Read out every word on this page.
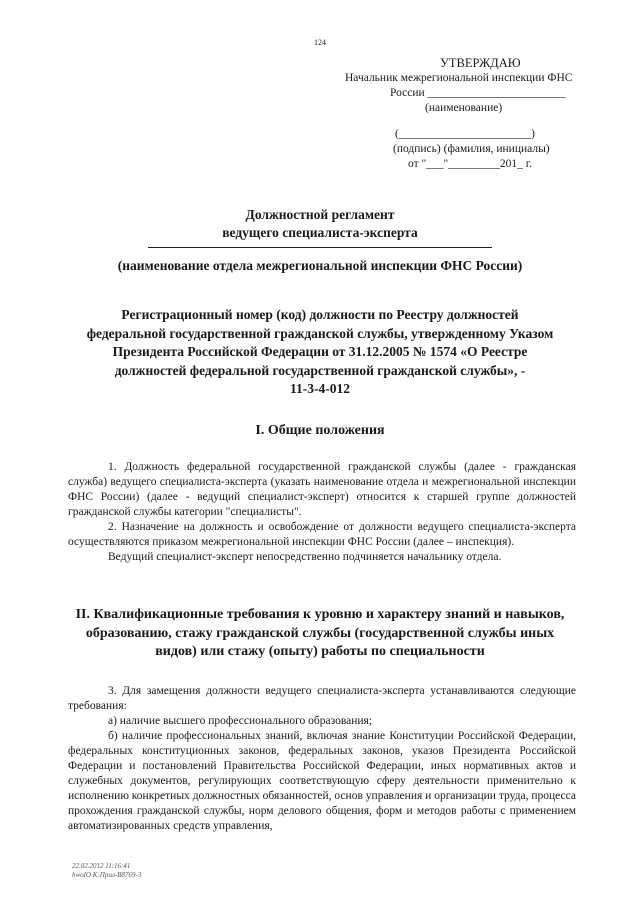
124
УТВЕРЖДАЮ
Начальник межрегиональной инспекции ФНС
России ________________________
(наименование)
(_______________________)
(подпись) (фамилия, инициалы)
от "___"_________201_ г.
Должностной регламент
ведущего специалиста-эксперта
(наименование отдела межрегиональной инспекции ФНС России)
Регистрационный номер (код) должности по Реестру должностей
федеральной государственной гражданской службы, утвержденному Указом
Президента Российской Федерации от 31.12.2005 № 1574 «О Реестре
должностей федеральной государственной гражданской службы», -
11-3-4-012
I. Общие положения

1. Должность федеральной государственной гражданской службы (далее - гражданская служба) ведущего специалиста-эксперта (указать наименование отдела и межрегиональной инспекции ФНС России) (далее - ведущий специалист-эксперт) относится к старшей группе должностей гражданской службы категории "специалисты".

2. Назначение на должность и освобождение от должности ведущего специалиста-эксперта осуществляются приказом межрегиональной инспекции ФНС России (далее – инспекция).

Ведущий специалист-эксперт непосредственно подчиняется начальнику отдела.

II. Квалификационные требования к уровню и характеру знаний и навыков,
образованию, стажу гражданской службы (государственной службы иных
видов) или стажу (опыту) работы по специальности

3. Для замещения должности ведущего специалиста-эксперта устанавливаются следующие требования:

а) наличие высшего профессионального образования;

б) наличие профессиональных знаний, включая знание Конституции Российской Федерации, федеральных конституционных законов, федеральных законов, указов Президента Российской Федерации и постановлений Правительства Российской Федерации, иных нормативных актов и служебных документов, регулирующих соответствующую сферу деятельности применительно к исполнению конкретных должностных обязанностей, основ управления и организации труда, процесса прохождения гражданской службы, норм делового общения, форм и методов работы с применением автоматизированных средств управления,

22.02.2012 11:16:41
hwoIO К:Прил-В8769-3
